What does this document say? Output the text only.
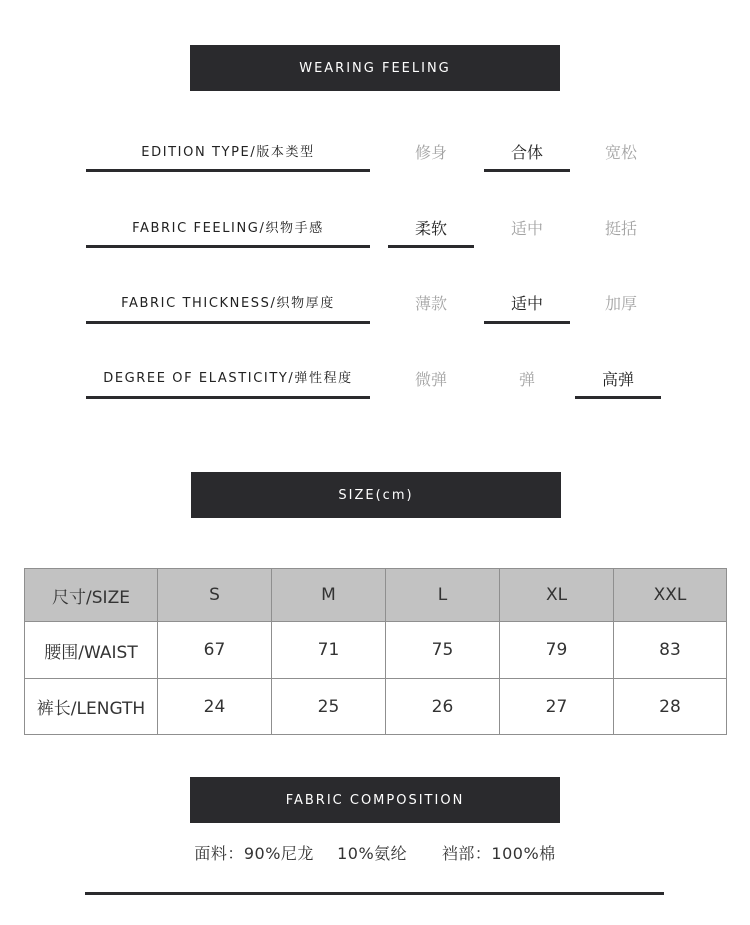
WEARING FEELING
EDITION TYPE/版本类型	修身	合体	宽松
FABRIC FEELING/织物手感	柔软	适中	挺括
FABRIC THICKNESS/织物厚度	薄款	适中	加厚
DEGREE OF ELASTICITY/弹性程度	微弹	弹	高弹
SIZE(cm)
尺寸/SIZE	S	M	L	XL	XXL
腰围/WAIST	67	71	75	79	83
裤长/LENGTH	24	25	26	27	28
FABRIC COMPOSITION
面料：90%尼龙  10%氨纶   裆部：100%棉
